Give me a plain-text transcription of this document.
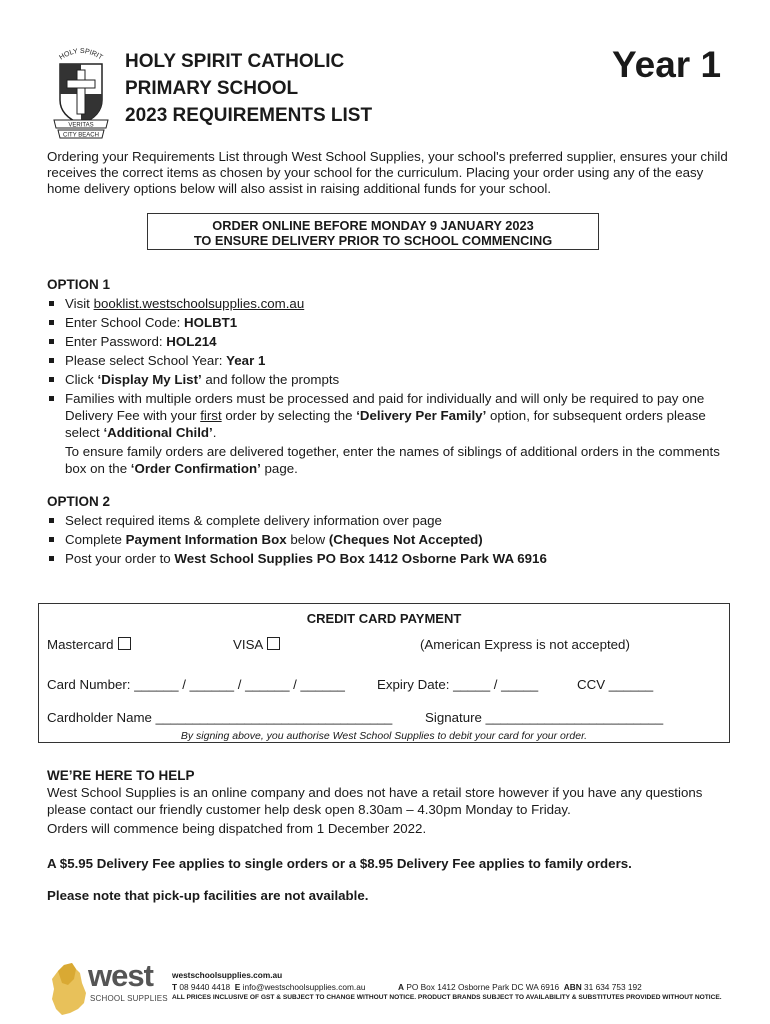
HOLY SPIRIT
VERITAS
CITY BEACH
HOLY SPIRIT CATHOLIC
PRIMARY SCHOOL
2023 REQUIREMENTS LIST
Year 1
Ordering your Requirements List through West School Supplies, your school's preferred supplier, ensures your child receives the correct items as chosen by your school for the curriculum. Placing your order using any of the easy home delivery options below will also assist in raising additional funds for your school.
ORDER ONLINE BEFORE MONDAY 9 JANUARY 2023
TO ENSURE DELIVERY PRIOR TO SCHOOL COMMENCING
OPTION 1
Visit booklist.westschoolsupplies.com.au
Enter School Code: HOLBT1
Enter Password: HOL214
Please select School Year: Year 1
Click ‘Display My List’ and follow the prompts
Families with multiple orders must be processed and paid for individually and will only be required to pay one Delivery Fee with your first order by selecting the ‘Delivery Per Family’ option, for subsequent orders please select ‘Additional Child’.
To ensure family orders are delivered together, enter the names of siblings of additional orders in the comments box on the ‘Order Confirmation’ page.
OPTION 2
Select required items & complete delivery information over page
Complete Payment Information Box below (Cheques Not Accepted)
Post your order to West School Supplies PO Box 1412 Osborne Park WA 6916
CREDIT CARD PAYMENT
Mastercard	VISA	(American Express is not accepted)
Card Number: ______ / ______ / ______ / ______ Expiry Date: _____ / _____	CCV ______
Cardholder Name ________________________________ Signature ________________________
By signing above, you authorise West School Supplies to debit your card for your order.
WE’RE HERE TO HELP

West School Supplies is an online company and does not have a retail store however if you have any questions please contact our friendly customer help desk open 8.30am – 4.30pm Monday to Friday.

Orders will commence being dispatched from 1 December 2022.

A $5.95 Delivery Fee applies to single orders or a $8.95 Delivery Fee applies to family orders.
Please note that pick-up facilities are not available.
west
SCHOOL SUPPLIES
westschoolsupplies.com.au
T 08 9440 4418 E info@westschoolsupplies.com.au	A PO Box 1412 Osborne Park DC WA 6916 ABN 31 634 753 192
ALL PRICES INCLUSIVE OF GST & SUBJECT TO CHANGE WITHOUT NOTICE. PRODUCT BRANDS SUBJECT TO AVAILABILITY & SUBSTITUTES PROVIDED WITHOUT NOTICE.
